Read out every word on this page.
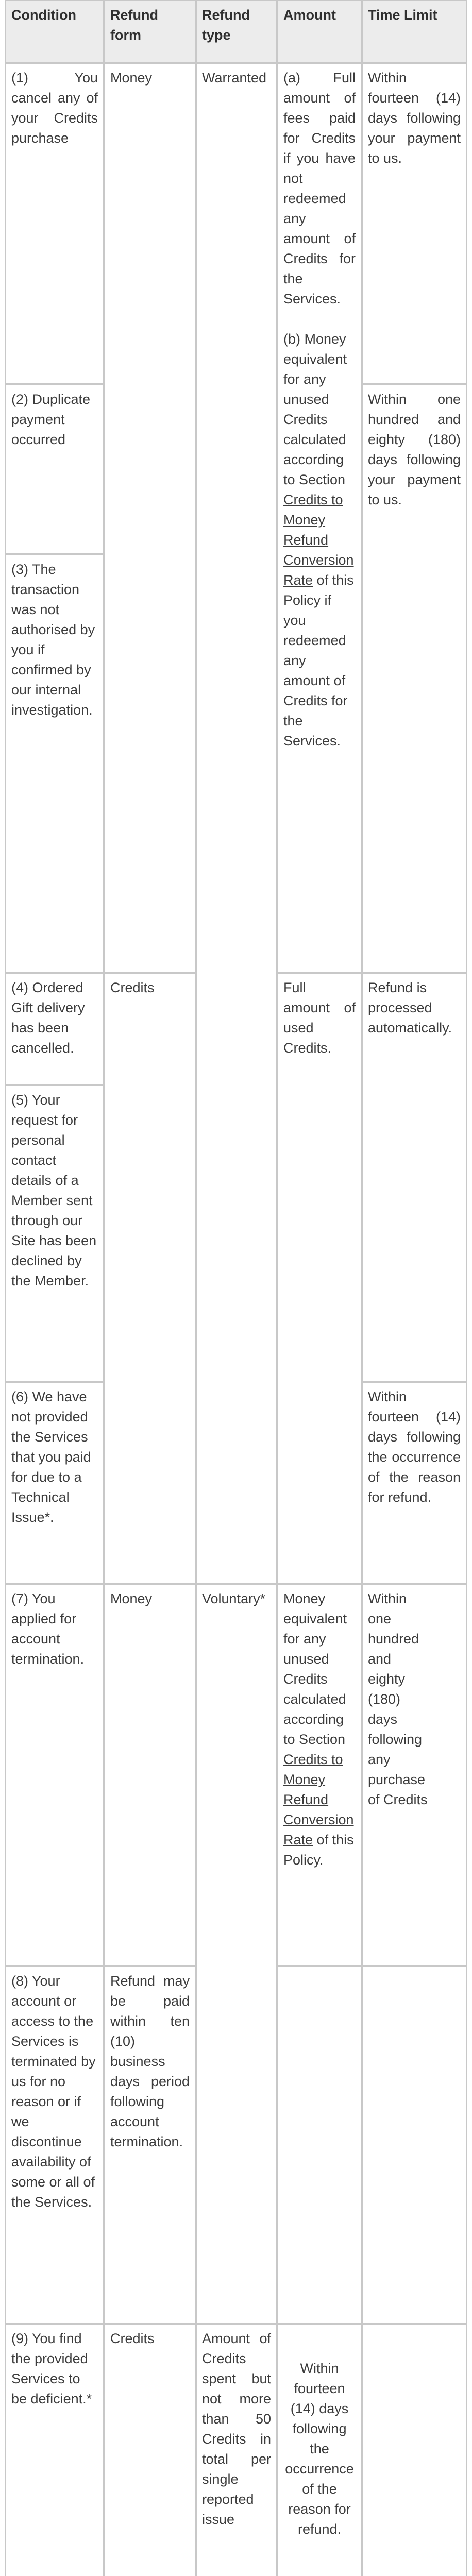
Condition	Refund form
Refund type
Amount	Time Limit
(1) You cancel any of your Credits purchase
(2) Duplicate payment occurred
(3) The transaction was not authorised by you if confirmed by our internal investigation.
(4) Ordered Gift delivery has been cancelled.
(5) Your request for personal contact details of a Member sent through our Site has been declined by the Member.
(6) We have not provided the Services that you paid for due to a Technical Issue*.
(7) You applied for account termination.
(8) Your account or access to the Services is terminated by us for no reason or if we discontinue availability of some or all of the Services.
(9) You find the provided Services to be deficient.*
Money
Credits
Money
Refund may be paid within ten (10) business days period following account termination.
Credits
Warranted
Voluntary*
Amount of Credits spent but not more than 50 Credits in total per single reported issue
(a) Full amount of fees paid for Credits if you have not redeemed any amount of Credits for the Services.
(b) Money equivalent for any unused Credits calculated according to Section Credits to Money Refund Conversion Rate of this Policy if you redeemed any amount of Credits for the Services.
Full amount of used Credits.
Money equivalent for any unused Credits calculated according to Section Credits to Money Refund Conversion Rate of this Policy.
Within fourteen (14) days following the occurrence of the reason for refund.
Within fourteen (14) days following your payment to us.
Within one hundred and eighty (180) days following your payment to us.
Refund is processed automatically.
Within fourteen (14) days following the occurrence of the reason for refund.
Within one hundred and eighty (180) days following any purchase of Credits
